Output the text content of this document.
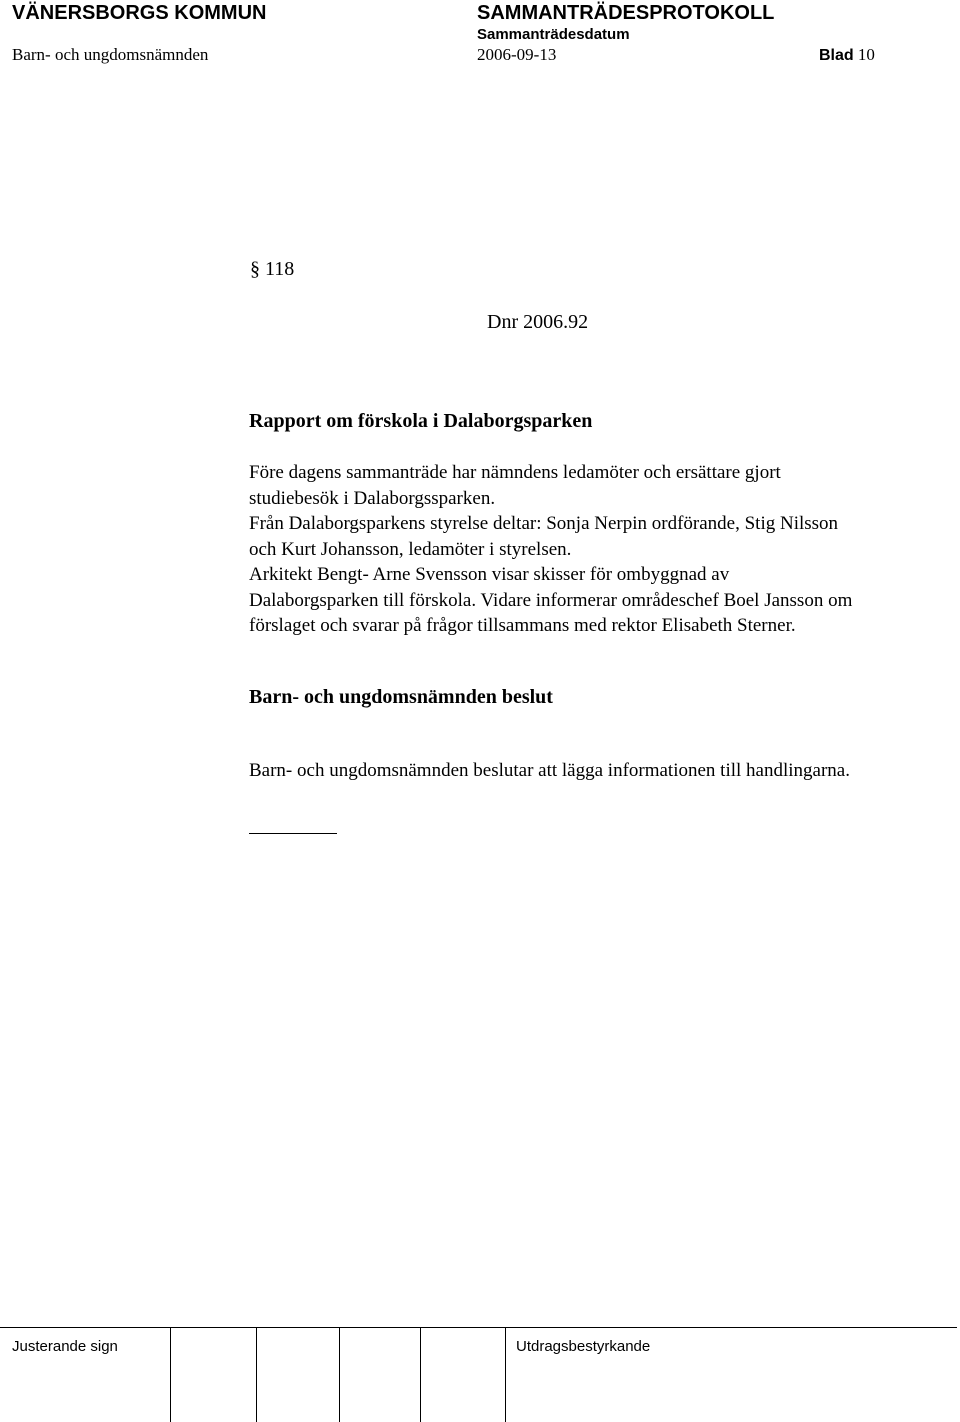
VÄNERSBORGS KOMMUN	SAMMANTRÄDESPROTOKOLL
Sammanträdesdatum
Barn- och ungdomsnämnden	2006-09-13	Blad 10
§ 118
Dnr 2006.92
Rapport om förskola i Dalaborgsparken
Före dagens sammanträde har nämndens ledamöter och ersättare gjort
studiebesök i Dalaborgssparken.
Från Dalaborgsparkens styrelse deltar: Sonja Nerpin ordförande, Stig Nilsson
och Kurt Johansson, ledamöter i styrelsen.
Arkitekt Bengt- Arne Svensson visar skisser för ombyggnad av
Dalaborgsparken till förskola. Vidare informerar områdeschef Boel Jansson om
förslaget och svarar på frågor tillsammans med rektor Elisabeth Sterner.
Barn- och ungdomsnämnden beslut
Barn- och ungdomsnämnden beslutar att lägga informationen till handlingarna.
Justerande sign	Utdragsbestyrkande
